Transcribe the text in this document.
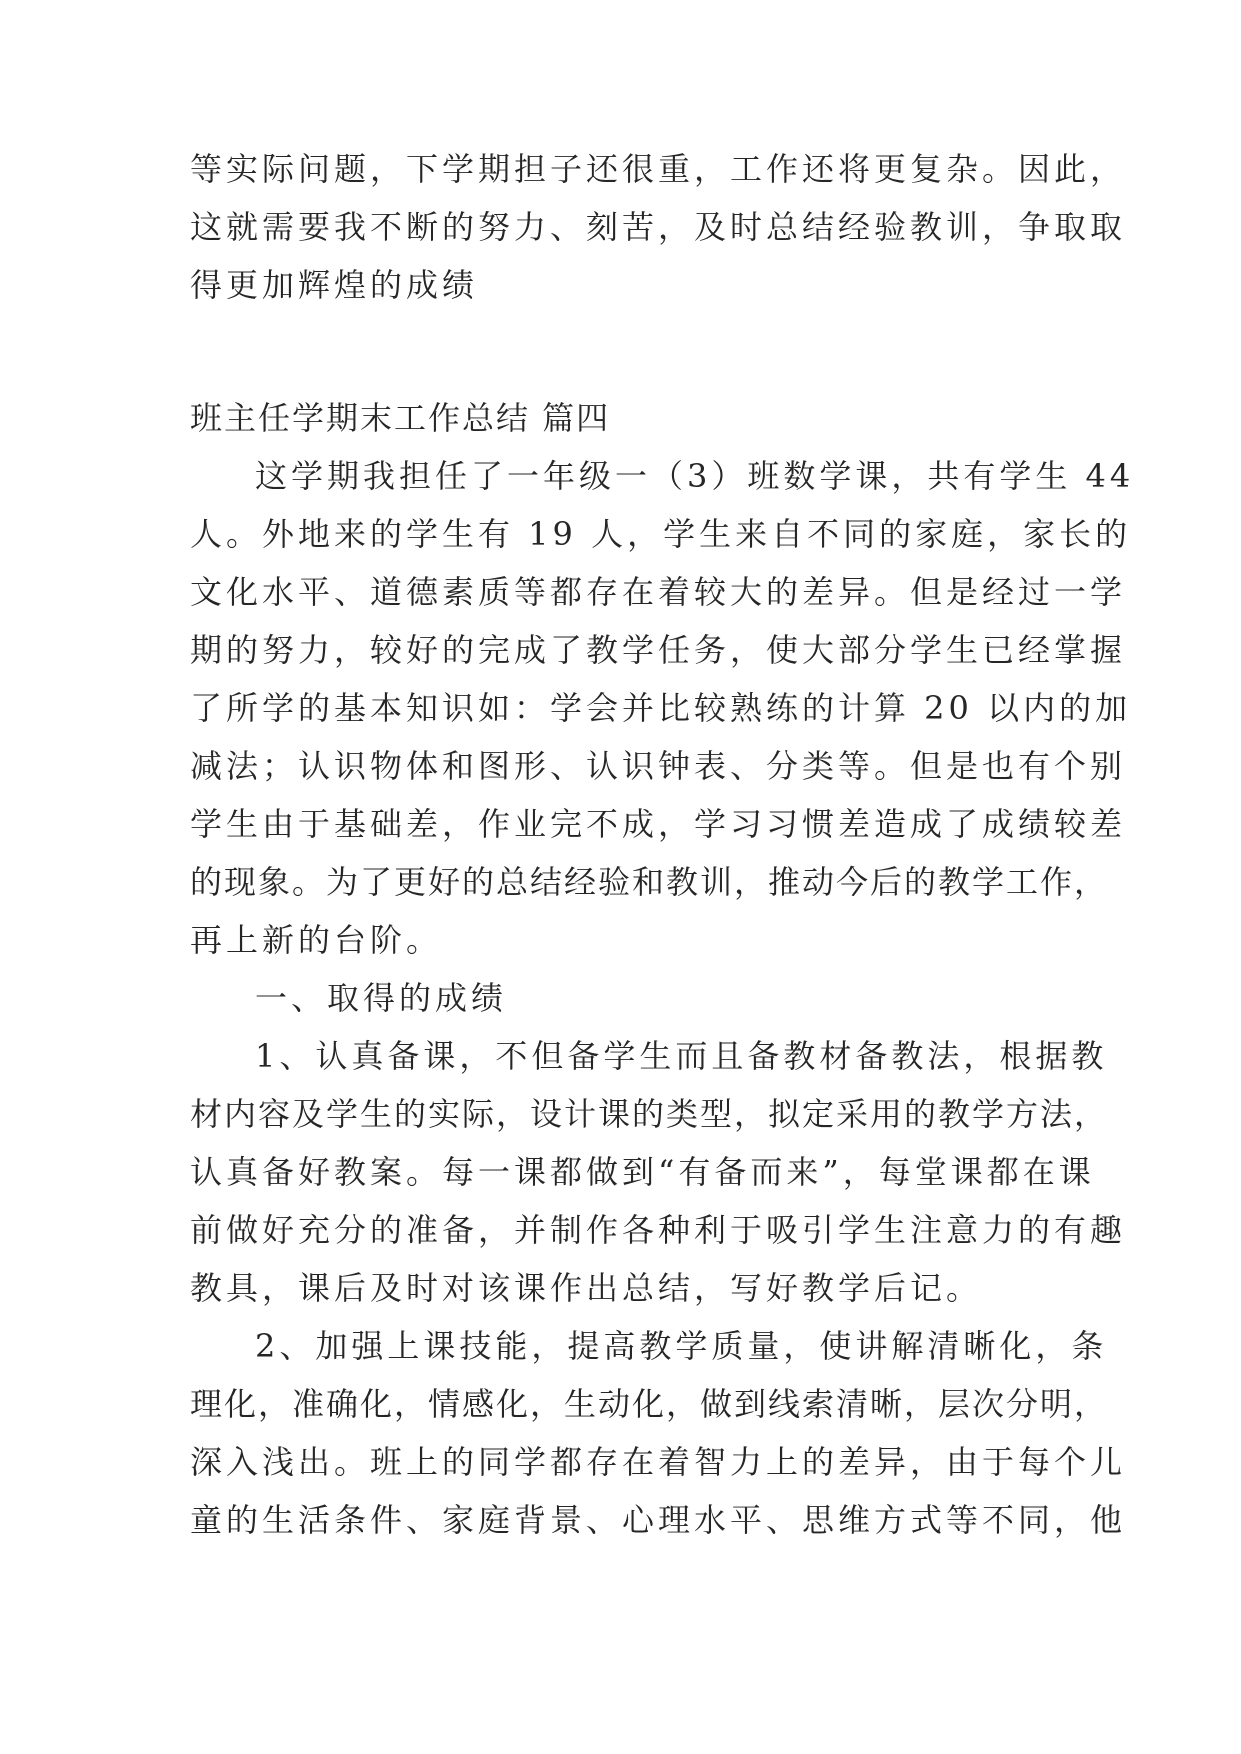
等实际问题，下学期担子还很重，工作还将更复杂。因此，
这就需要我不断的努力、刻苦，及时总结经验教训，争取取
得更加辉煌的成绩
班主任学期末工作总结 篇四
这学期我担任了一年级一（3）班数学课，共有学生 44
人。外地来的学生有 19 人，学生来自不同的家庭，家长的
文化水平、道德素质等都存在着较大的差异。但是经过一学
期的努力，较好的完成了教学任务，使大部分学生已经掌握
了所学的基本知识如：学会并比较熟练的计算 20 以内的加
减法；认识物体和图形、认识钟表、分类等。但是也有个别
学生由于基础差，作业完不成，学习习惯差造成了成绩较差
的现象。为了更好的总结经验和教训，推动今后的教学工作，
再上新的台阶。
一、取得的成绩
1、认真备课，不但备学生而且备教材备教法，根据教
材内容及学生的实际，设计课的类型，拟定采用的教学方法，
认真备好教案。每一课都做到“有备而来”，每堂课都在课
前做好充分的准备，并制作各种利于吸引学生注意力的有趣
教具，课后及时对该课作出总结，写好教学后记。
2、加强上课技能，提高教学质量，使讲解清晰化，条
理化，准确化，情感化，生动化，做到线索清晰，层次分明，
深入浅出。班上的同学都存在着智力上的差异，由于每个儿
童的生活条件、家庭背景、心理水平、思维方式等不同，他
